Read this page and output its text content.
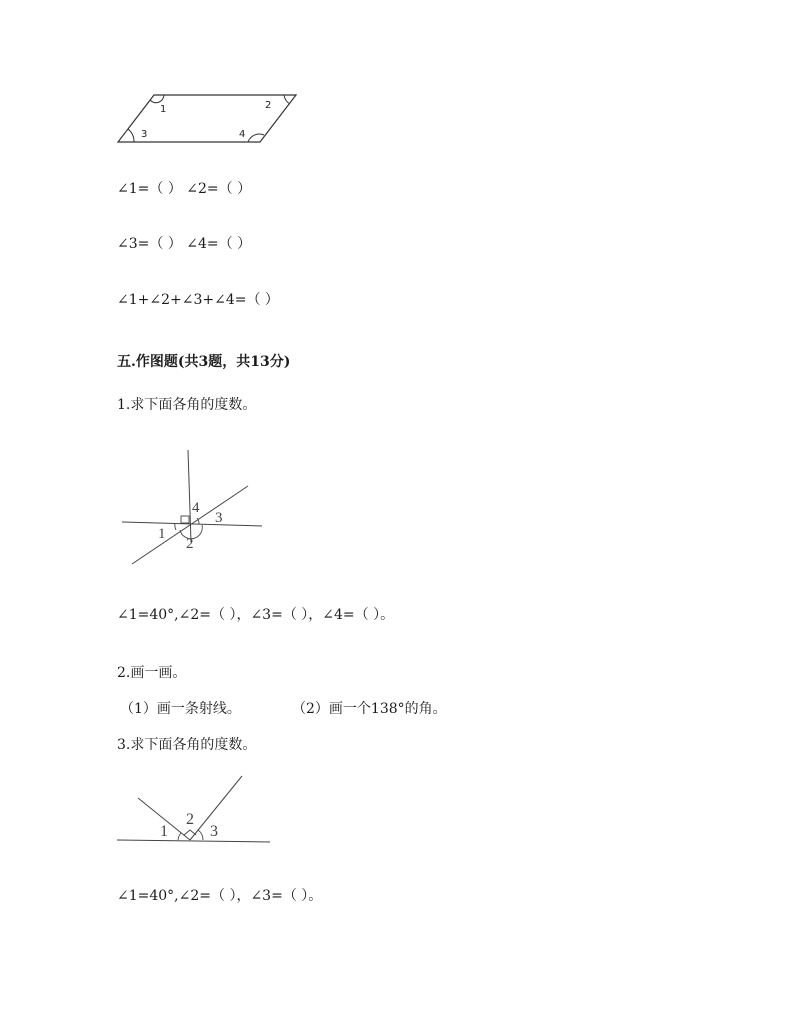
1	2
3	4
∠1=（ ） ∠2=（ ）
∠3=（ ） ∠4=（ ）
∠1+∠2+∠3+∠4=（ ）
五.作图题(共3题，共13分)
1.求下面各角的度数。
4
3
1
2
∠1=40°,∠2=（ ），∠3=（ ），∠4=（ ）。
2.画一画。
（1）画一条射线。	（2）画一个138°的角。
3.求下面各角的度数。
2
1	3
∠1=40°,∠2=（ ），∠3=（ ）。
